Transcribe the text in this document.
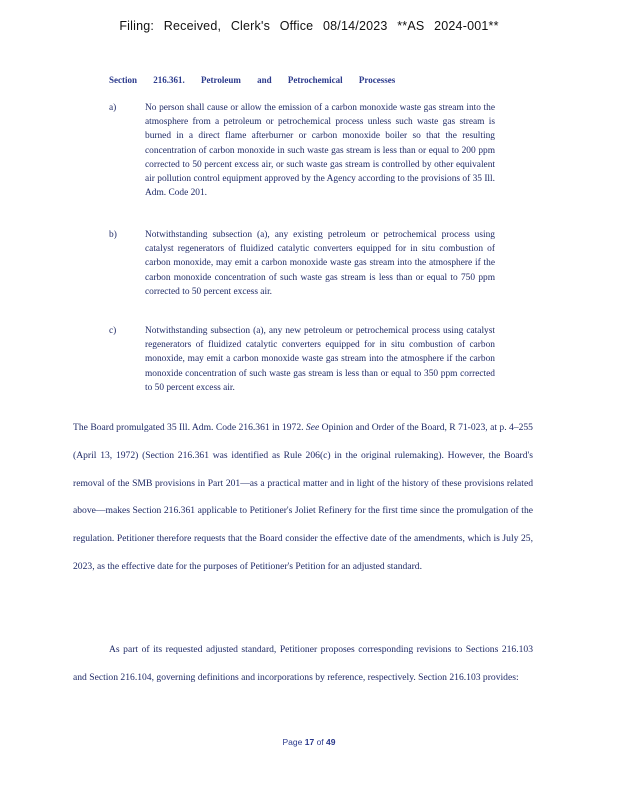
Filing: Received, Clerk's Office 08/14/2023 **AS 2024-001**
Section 216.361. Petroleum and Petrochemical Processes
a)	No person shall cause or allow the emission of a carbon monoxide waste gas stream into the atmosphere from a petroleum or petrochemical process unless such waste gas stream is burned in a direct flame afterburner or carbon monoxide boiler so that the resulting concentration of carbon monoxide in such waste gas stream is less than or equal to 200 ppm corrected to 50 percent excess air, or such waste gas stream is controlled by other equivalent air pollution control equipment approved by the Agency according to the provisions of 35 Ill. Adm. Code 201.
b)	Notwithstanding subsection (a), any existing petroleum or petrochemical process using catalyst regenerators of fluidized catalytic converters equipped for in situ combustion of carbon monoxide, may emit a carbon monoxide waste gas stream into the atmosphere if the carbon monoxide concentration of such waste gas stream is less than or equal to 750 ppm corrected to 50 percent excess air.
c)	Notwithstanding subsection (a), any new petroleum or petrochemical process using catalyst regenerators of fluidized catalytic converters equipped for in situ combustion of carbon monoxide, may emit a carbon monoxide waste gas stream into the atmosphere if the carbon monoxide concentration of such waste gas stream is less than or equal to 350 ppm corrected to 50 percent excess air.
The Board promulgated 35 Ill. Adm. Code 216.361 in 1972. See Opinion and Order of the Board, R 71-023, at p. 4–255 (April 13, 1972) (Section 216.361 was identified as Rule 206(c) in the original rulemaking). However, the Board's removal of the SMB provisions in Part 201—as a practical matter and in light of the history of these provisions related above—makes Section 216.361 applicable to Petitioner's Joliet Refinery for the first time since the promulgation of the regulation. Petitioner therefore requests that the Board consider the effective date of the amendments, which is July 25, 2023, as the effective date for the purposes of Petitioner's Petition for an adjusted standard.
As part of its requested adjusted standard, Petitioner proposes corresponding revisions to Sections 216.103 and Section 216.104, governing definitions and incorporations by reference, respectively. Section 216.103 provides:
Page 17 of 49
